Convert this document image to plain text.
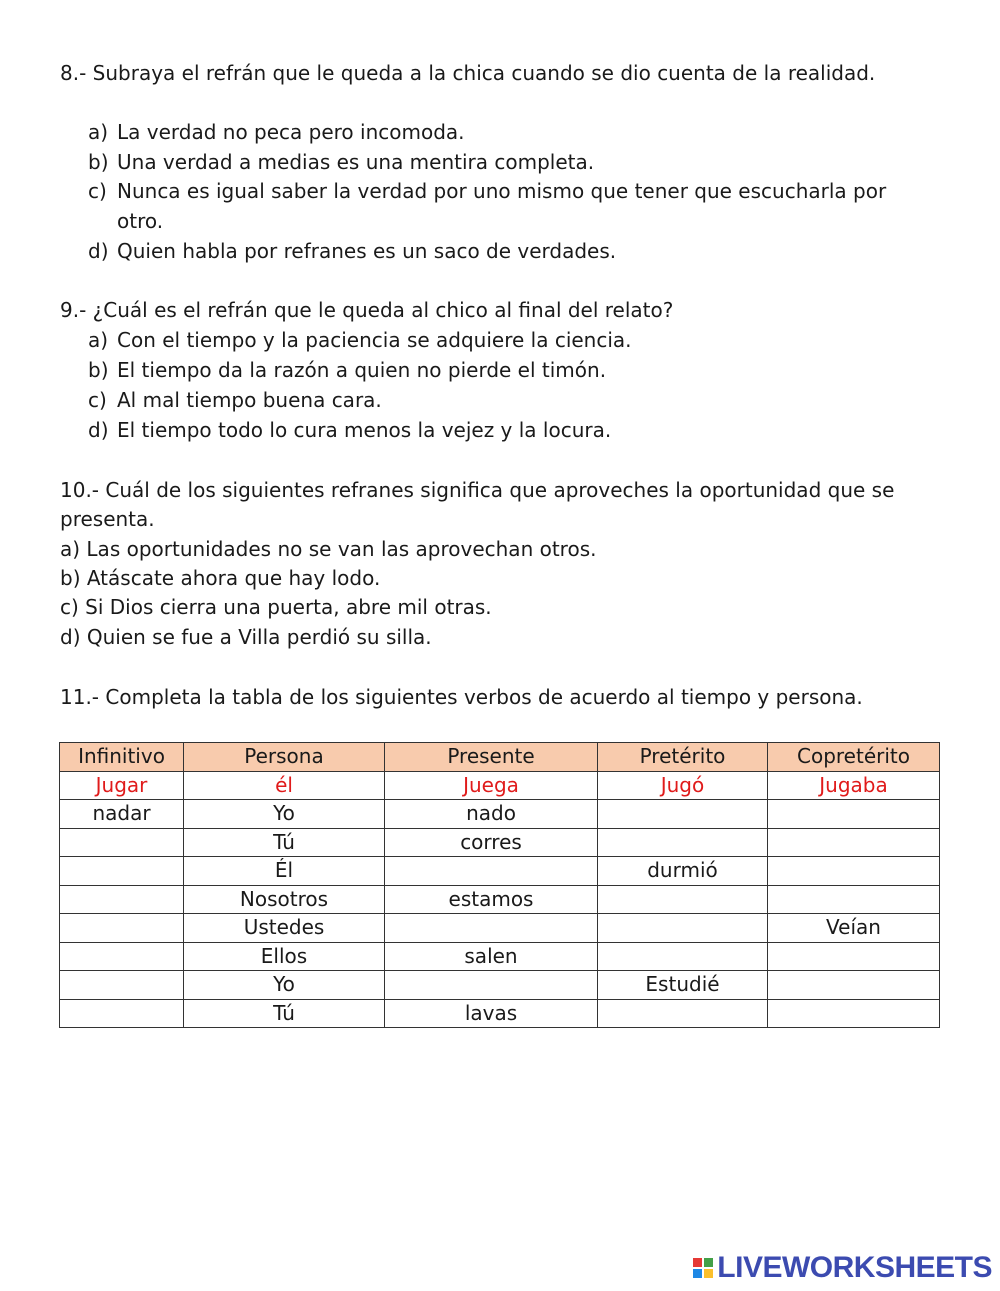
8.- Subraya el refrán que le queda a la chica cuando se dio cuenta de la realidad.
a) La verdad no peca pero incomoda.
b) Una verdad a medias es una mentira completa.
c) Nunca es igual saber la verdad por uno mismo que tener que escucharla por
otro.
d) Quien habla por refranes es un saco de verdades.
9.- ¿Cuál es el refrán que le queda al chico al final del relato?
a) Con el tiempo y la paciencia se adquiere la ciencia.
b) El tiempo da la razón a quien no pierde el timón.
c) Al mal tiempo buena cara.
d) El tiempo todo lo cura menos la vejez y la locura.
10.- Cuál de los siguientes refranes significa que aproveches la oportunidad que se
presenta.
a) Las oportunidades no se van las aprovechan otros.
b) Atáscate ahora que hay lodo.
c) Si Dios cierra una puerta, abre mil otras.
d) Quien se fue a Villa perdió su silla.
11.- Completa la tabla de los siguientes verbos de acuerdo al tiempo y persona.
Infinitivo	Persona	Presente	Pretérito	Copretérito
Jugar	él	Juega	Jugó	Jugaba
nadar	Yo	nado		
	Tú	corres		
	Él		durmió	
	Nosotros	estamos		
	Ustedes			Veían
	Ellos	salen		
	Yo		Estudié	
	Tú	lavas		
LIVEWORKSHEETS
